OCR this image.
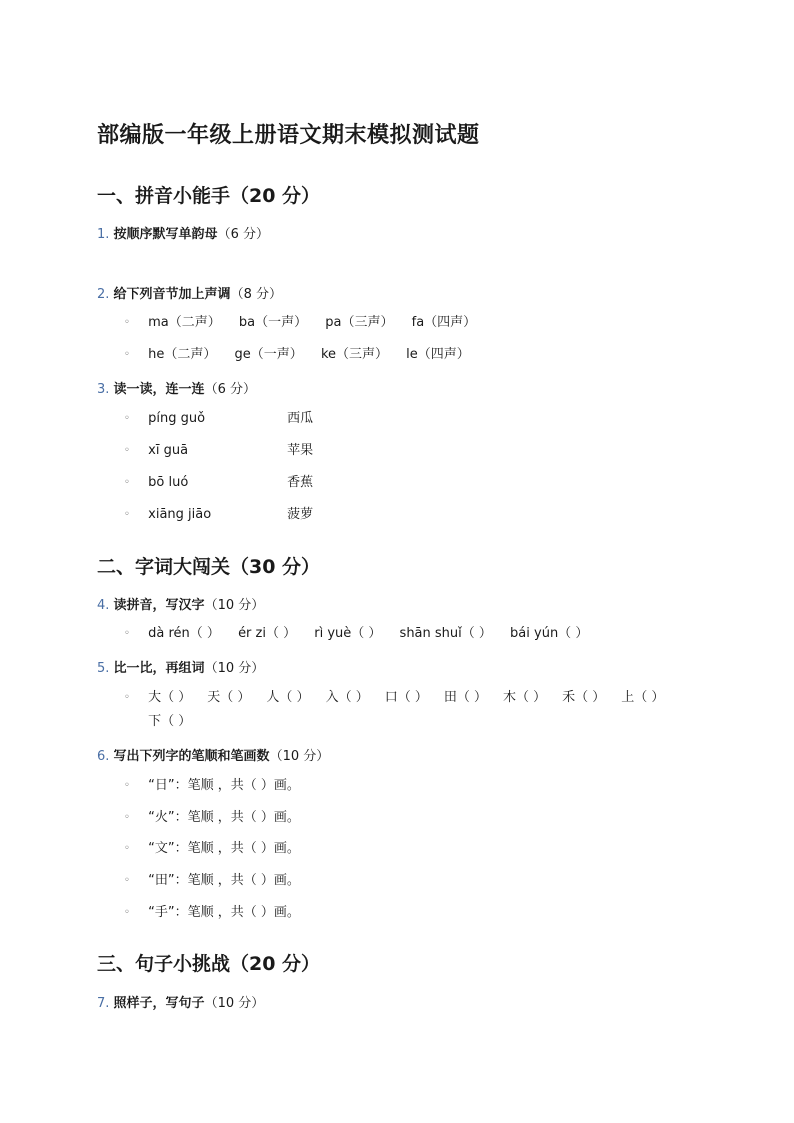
部编版一年级上册语文期末模拟测试题
一、拼音小能手（20 分）
1. 按顺序默写单韵母（6 分）
2. 给下列音节加上声调（8 分）
◦ ma（二声） ba（一声） pa（三声） fa（四声）
◦ he（二声） ge（一声） ke（三声） le（四声）
3. 读一读，连一连（6 分）
◦ píng guǒ	西瓜
◦ xī guā	苹果
◦ bō luó	香蕉
◦ xiāng jiāo	菠萝
二、字词大闯关（30 分）
4. 读拼音，写汉字（10 分）
◦ dà rén（ ） ér zi（ ） rì yuè（ ） shān shuǐ（ ） bái yún（ ）
5. 比一比，再组词（10 分）
◦ 大（ ） 天（ ） 人（ ） 入（ ） 口（ ） 田（ ） 木（ ） 禾（ ） 上（ ）下（ ）
6. 写出下列字的笔顺和笔画数（10 分）
◦ “日”：笔顺 ，共（ ）画。
◦ “火”：笔顺 ，共（ ）画。
◦ “文”：笔顺 ，共（ ）画。
◦ “田”：笔顺 ，共（ ）画。
◦ “手”：笔顺 ，共（ ）画。
三、句子小挑战（20 分）
7. 照样子，写句子（10 分）
